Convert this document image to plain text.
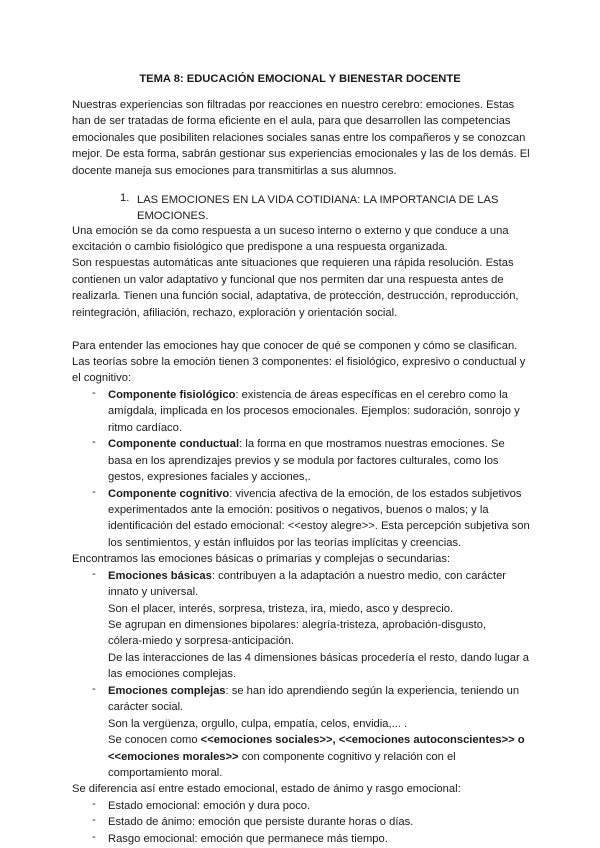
TEMA 8: EDUCACIÓN EMOCIONAL Y BIENESTAR DOCENTE
Nuestras experiencias son filtradas por reacciones en nuestro cerebro: emociones. Estas
han de ser tratadas de forma eficiente en el aula, para que desarrollen las competencias
emocionales que posibiliten relaciones sociales sanas entre los compañeros y se conozcan
mejor. De esta forma, sabrán gestionar sus experiencias emocionales y las de los demás. El
docente maneja sus emociones para transmitirlas a sus alumnos.
1. LAS EMOCIONES EN LA VIDA COTIDIANA: LA IMPORTANCIA DE LAS
EMOCIONES.
Una emoción se da como respuesta a un suceso interno o externo y que conduce a una
excitación o cambio fisiológico que predispone a una respuesta organizada.
Son respuestas automáticas ante situaciones que requieren una rápida resolución. Estas
contienen un valor adaptativo y funcional que nos permiten dar una respuesta antes de
realizarla. Tienen una función social, adaptativa, de protección, destrucción, reproducción,
reintegración, afiliación, rechazo, exploración y orientación social.
Para entender las emociones hay que conocer de qué se componen y cómo se clasifican.
Las teorías sobre la emoción tienen 3 componentes: el fisiológico, expresivo o conductual y
el cognitivo:
- Componente fisiológico: existencia de áreas específicas en el cerebro como la
amígdala, implicada en los procesos emocionales. Ejemplos: sudoración, sonrojo y
ritmo cardíaco.
- Componente conductual: la forma en que mostramos nuestras emociones. Se
basa en los aprendizajes previos y se modula por factores culturales, como los
gestos, expresiones faciales y acciones,.
- Componente cognitivo: vivencia afectiva de la emoción, de los estados subjetivos
experimentados ante la emoción: positivos o negativos, buenos o malos; y la
identificación del estado emocional: <<estoy alegre>>. Esta percepción subjetiva son
los sentimientos, y están influidos por las teorías implícitas y creencias.
Encontramos las emociones básicas o primarias y complejas o secundarias:
- Emociones básicas: contribuyen a la adaptación a nuestro medio, con carácter
innato y universal.
Son el placer, interés, sorpresa, tristeza, ira, miedo, asco y desprecio.
Se agrupan en dimensiones bipolares: alegría-tristeza, aprobación-disgusto,
cólera-miedo y sorpresa-anticipación.
De las interacciones de las 4 dimensiones básicas procedería el resto, dando lugar a
las emociones complejas.
- Emociones complejas: se han ido aprendiendo según la experiencia, teniendo un
carácter social.
Son la vergüenza, orgullo, culpa, empatía, celos, envidia,... .
Se conocen como <<emociones sociales>>, <<emociones autoconscientes>> o
<<emociones morales>> con componente cognitivo y relación con el
comportamiento moral.
Se diferencia así entre estado emocional, estado de ánimo y rasgo emocional:
- Estado emocional: emoción y dura poco.
- Estado de ánimo: emoción que persiste durante horas o días.
- Rasgo emocional: emoción que permanece más tiempo.
